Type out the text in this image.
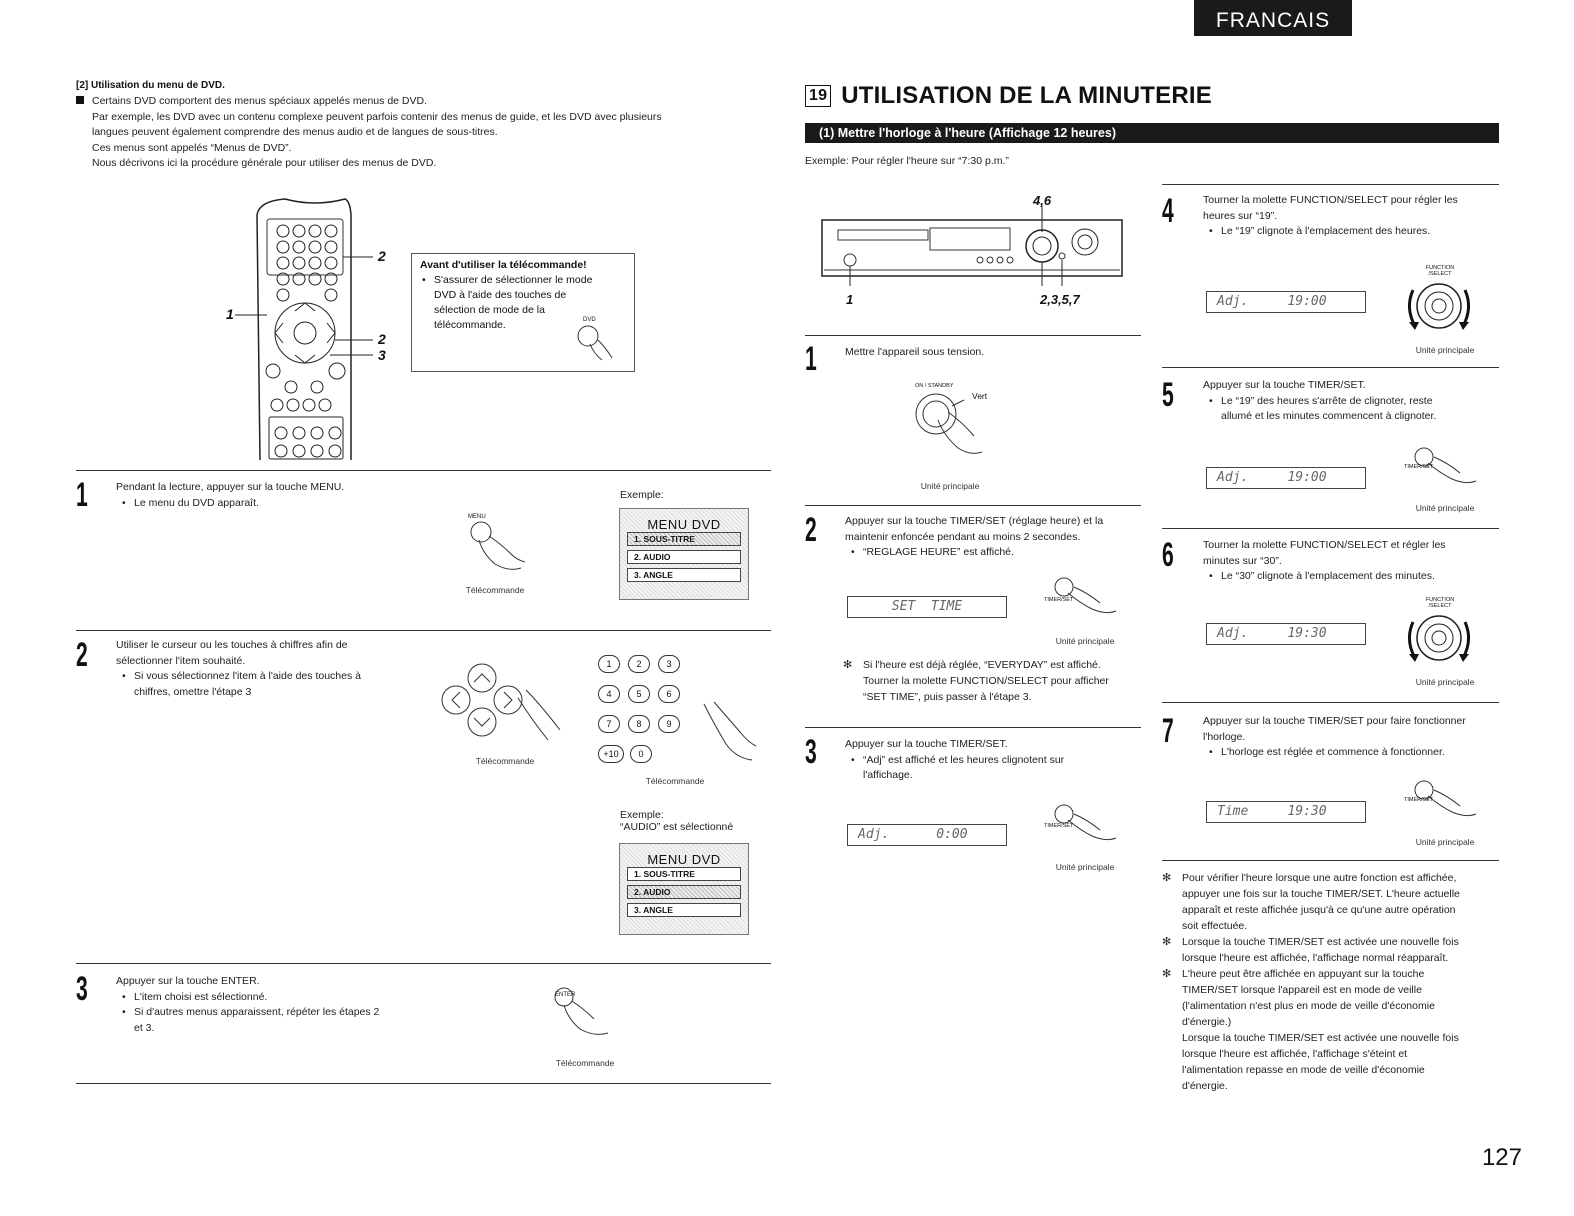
FRANCAIS
127
[2] Utilisation du menu de DVD.

Certains DVD comportent des menus spéciaux appelés menus de DVD.

Par exemple, les DVD avec un contenu complexe peuvent parfois contenir des menus de guide, et les DVD avec plusieurs

langues peuvent également comprendre des menus audio et de langues de sous-titres.

Ces menus sont appelés “Menus de DVD”.

Nous décrivons ici la procédure générale pour utiliser des menus de DVD.

2
1
2
3
Avant d'utiliser la télécommande!
• S'assurer de sélectionner le mode
DVD à l'aide des touches de
sélection de mode de la
télécommande.	DVD
1	Pendant la lecture, appuyer sur la touche MENU.
• Le menu du DVD apparaît.
MENU
Télécommande
Exemple:
MENU DVD
1. SOUS-TITRE
2. AUDIO
3. ANGLE
2	Utiliser le curseur ou les touches à chiffres afin de
sélectionner l'item souhaité.
• Si vous sélectionnez l'item à l'aide des touches à
chiffres, omettre l'étape 3
Télécommande
1	2	3
4	5	6
7	8	9
+10	0
Télécommande
Exemple:
“AUDIO” est sélectionné
MENU DVD
1. SOUS-TITRE
2. AUDIO
3. ANGLE
3	Appuyer sur la touche ENTER.
• L'item choisi est sélectionné.
• Si d'autres menus apparaissent, répéter les étapes 2
et 3.
ENTER
Télécommande
19 UTILISATION DE LA MINUTERIE
(1) Mettre l'horloge à l'heure (Affichage 12 heures)
Exemple: Pour régler l'heure sur “7:30 p.m.”
4,6
1	2,3,5,7
1	Mettre l'appareil sous tension.
ON / STANDBY
Vert
Unité principale
2	Appuyer sur la touche TIMER/SET (réglage heure) et la
maintenir enfoncée pendant au moins 2 secondes.
• “REGLAGE HEURE” est affiché.
SET  TIME	TIMER/SET
Unité principale
✻ Si l'heure est déjà réglée, “EVERYDAY” est affiché.
Tourner la molette FUNCTION/SELECT pour afficher
“SET TIME”, puis passer à l'étape 3.
3	Appuyer sur la touche TIMER/SET.
• “Adj” est affiché et les heures clignotent sur
l'affichage.
Adj.      0:00
TIMER/SET
Unité principale
4	Tourner la molette FUNCTION/SELECT pour régler les
heures sur “19”.
• Le “19” clignote à l'emplacement des heures.
FUNCTION /SELECT
Adj.     19:00
Unité principale
5	Appuyer sur la touche TIMER/SET.
• Le “19” des heures s'arrête de clignoter, reste
allumé et les minutes commencent à clignoter.
Adj.     19:00
TIMER/SET
Unité principale
6	Tourner la molette FUNCTION/SELECT et régler les
minutes sur “30”.
• Le “30” clignote à l'emplacement des minutes.
FUNCTION /SELECT
Adj.     19:30
Unité principale
7	Appuyer sur la touche TIMER/SET pour faire fonctionner
l'horloge.
• L'horloge est réglée et commence à fonctionner.
Time     19:30
TIMER/SET
Unité principale
✻ Pour vérifier l'heure lorsque une autre fonction est affichée,
appuyer une fois sur la touche TIMER/SET. L'heure actuelle
apparaît et reste affichée jusqu'à ce qu'une autre opération
soit effectuée.
✻ Lorsque la touche TIMER/SET est activée une nouvelle fois
lorsque l'heure est affichée, l'affichage normal réapparaît.
✻ L'heure peut être affichée en appuyant sur la touche
TIMER/SET lorsque l'appareil est en mode de veille
(l'alimentation n'est plus en mode de veille d'économie
d'énergie.)
Lorsque la touche TIMER/SET est activée une nouvelle fois
lorsque l'heure est affichée, l'affichage s'éteint et
l'alimentation repasse en mode de veille d'économie
d'énergie.
